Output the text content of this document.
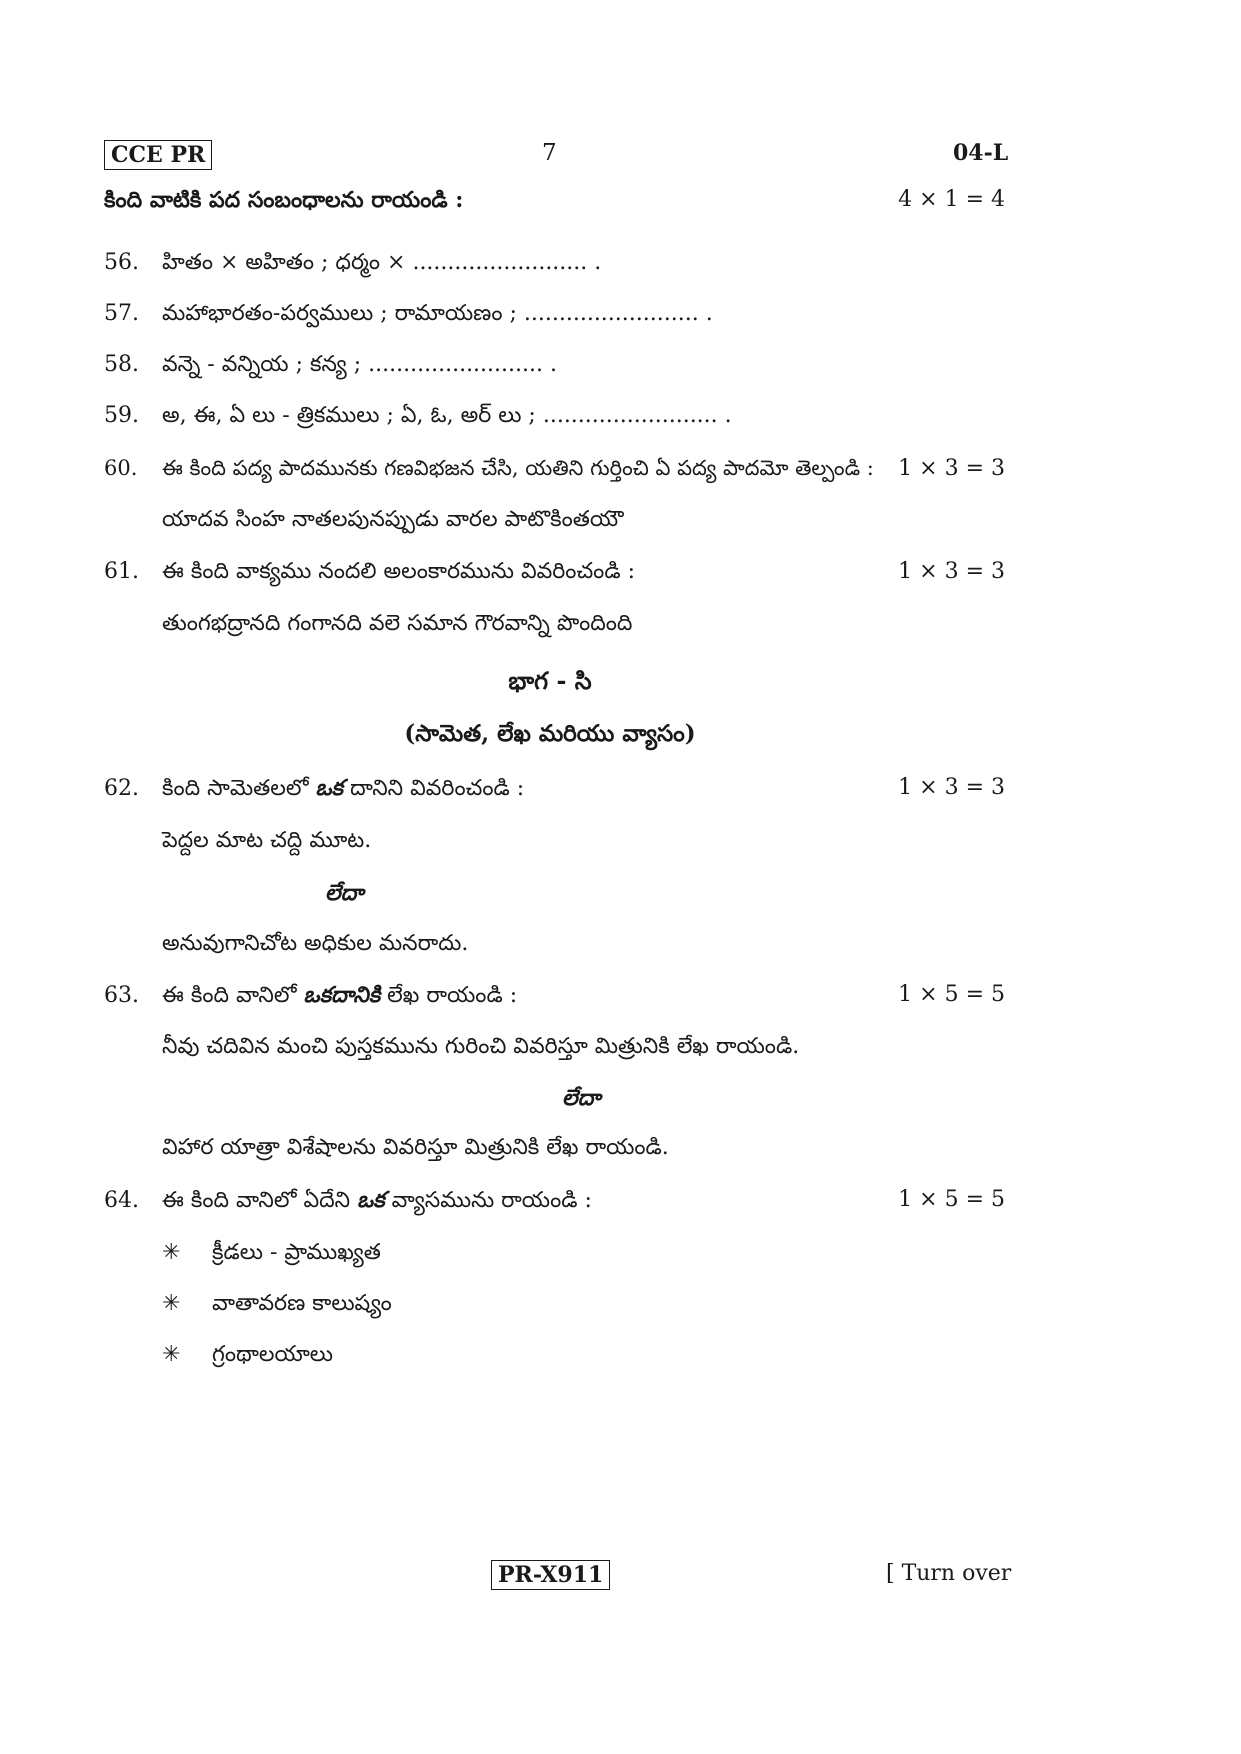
CCE PR	7	04-L
కింది వాటికి పద సంబంధాలను రాయండి :	4 × 1 = 4
56. హితం × అహితం ; ధర్మం × ......................... .
57. మహాభారతం-పర్వములు ; రామాయణం ; ......................... .
58. వన్నె - వన్నియ ; కన్య ; ......................... .
59. అ, ఈ, ఏ లు - త్రికములు ; ఏ, ఓ, అర్ లు ; ......................... .
60. ఈ కింది పద్య పాదమునకు గణవిభజన చేసి, యతిని గుర్తించి ఏ పద్య పాదమో తెల్పండి : 1 × 3 = 3
యాదవ సింహ నాతలపునప్పుడు వారల పాటొకింతయౌ
61. ఈ కింది వాక్యము నందలి అలంకారమును వివరించండి :	1 × 3 = 3
తుంగభద్రానది గంగానది వలె సమాన గౌరవాన్ని పొందింది
భాగ - సి
(సామెత, లేఖ మరియు వ్యాసం)
62. కింది సామెతలలో ఒక దానిని వివరించండి :	1 × 3 = 3
పెద్దల మాట చద్ది మూట.
లేదా
అనువుగానిచోట అధికుల మనరాదు.
63. ఈ కింది వానిలో ఒకదానికి లేఖ రాయండి :	1 × 5 = 5
నీవు చదివిన మంచి పుస్తకమును గురించి వివరిస్తూ మిత్రునికి లేఖ రాయండి.
లేదా
విహార యాత్రా విశేషాలను వివరిస్తూ మిత్రునికి లేఖ రాయండి.
64. ఈ కింది వానిలో ఏదేని ఒక వ్యాసమును రాయండి :	1 × 5 = 5
✳ క్రీడలు - ప్రాముఖ్యత
✳ వాతావరణ కాలుష్యం
✳ గ్రంథాలయాలు
PR-X911	[ Turn over
